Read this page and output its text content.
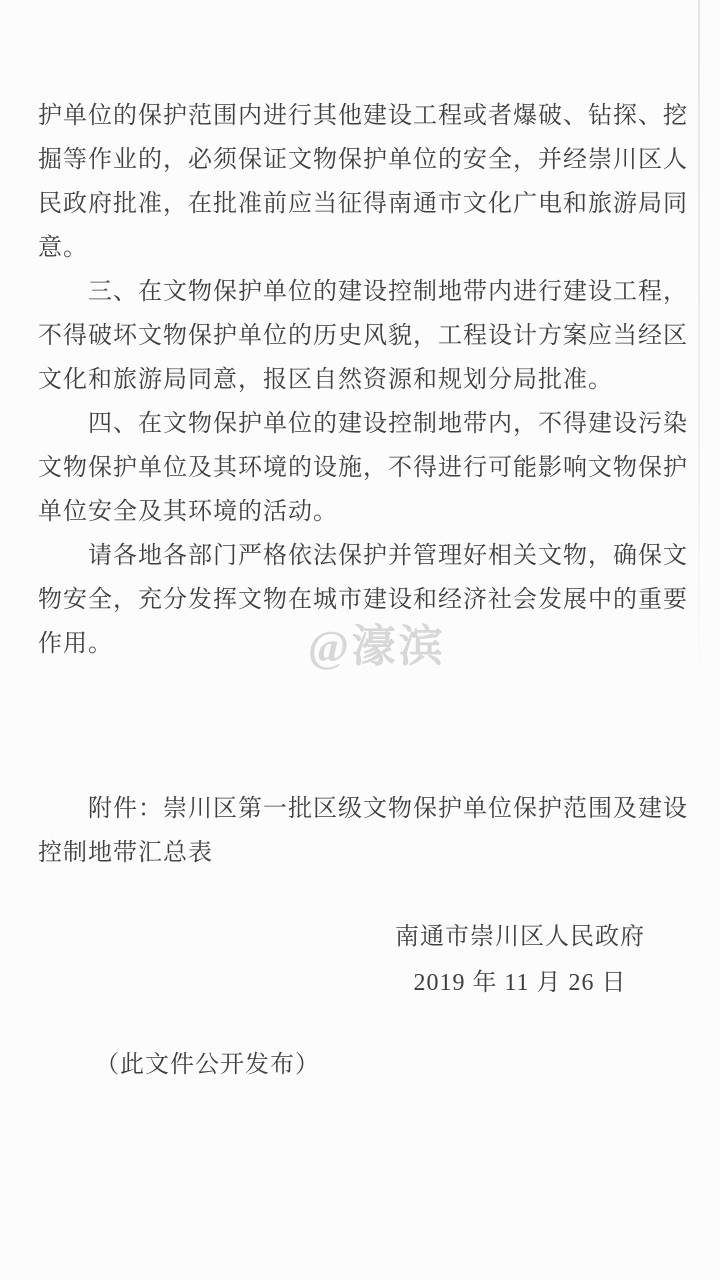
护单位的保护范围内进行其他建设工程或者爆破、钻探、挖
掘等作业的，必须保证文物保护单位的安全，并经崇川区人
民政府批准，在批准前应当征得南通市文化广电和旅游局同
意。
三、在文物保护单位的建设控制地带内进行建设工程，
不得破坏文物保护单位的历史风貌，工程设计方案应当经区
文化和旅游局同意，报区自然资源和规划分局批准。
四、在文物保护单位的建设控制地带内，不得建设污染
文物保护单位及其环境的设施，不得进行可能影响文物保护
单位安全及其环境的活动。
请各地各部门严格依法保护并管理好相关文物，确保文
物安全，充分发挥文物在城市建设和经济社会发展中的重要
作用。	@濠滨
附件：崇川区第一批区级文物保护单位保护范围及建设
控制地带汇总表
南通市崇川区人民政府
2019 年 11 月 26 日
（此文件公开发布）
